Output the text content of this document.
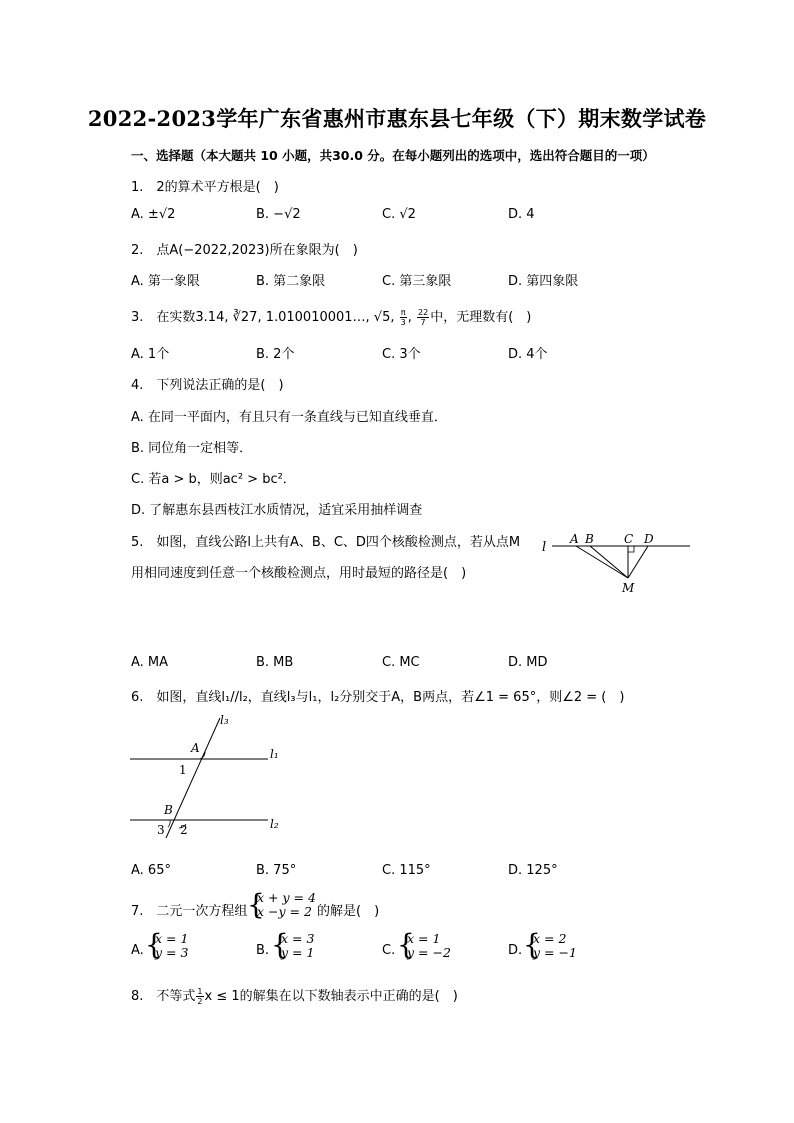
2022-2023学年广东省惠州市惠东县七年级（下）期末数学试卷
一、选择题（本大题共 10 小题，共30.0 分。在每小题列出的选项中，选出符合题目的一项）
1.　2的算术平方根是(　)
A. ±√2	B. −√2	C. √2	D. 4
2.　点A(−2022,2023)所在象限为(　)
A. 第一象限	B. 第二象限	C. 第三象限	D. 第四象限
3.　在实数3.14, ∛27, 1.010010001…, √5, $\frac{\pi}{3}$ , $\frac{22}{7}$ 中，无理数有(　)
A. 1个	B. 2个	C. 3个	D. 4个
4.　下列说法正确的是(　)
A. 在同一平面内，有且只有一条直线与已知直线垂直．
B. 同位角一定相等．
C. 若a > b，则ac² > bc²．
D. 了解惠东县西枝江水质情况，适宜采用抽样调查
5.　如图，直线公路l上共有A、B、C、D四个核酸检测点，若从点M
用相同速度到任意一个核酸检测点，用时最短的路径是(　)
l
A B	C D
M
A. MA	B. MB	C. MC	D. MD
6.　如图，直线l₁//l₂，直线l₃与l₁，l₂分别交于A，B两点，若∠1 = 65°，则∠2 = (　)
l₃
l₁
l₂
A
B
1
2
3
A. 65°	B. 75°	C. 115°	D. 125°
7.　二元一次方程组 {
x + y = 4
x −y = 2 的解是(　)
A. {
x = 1
y = 3	B. {
x = 3
y = 1	C. {
x = 1
y = −2	D. {
x = 2
y = −1
8.　不等式 $\frac{1}{2}$ x ≤ 1的解集在以下数轴表示中正确的是(　)
